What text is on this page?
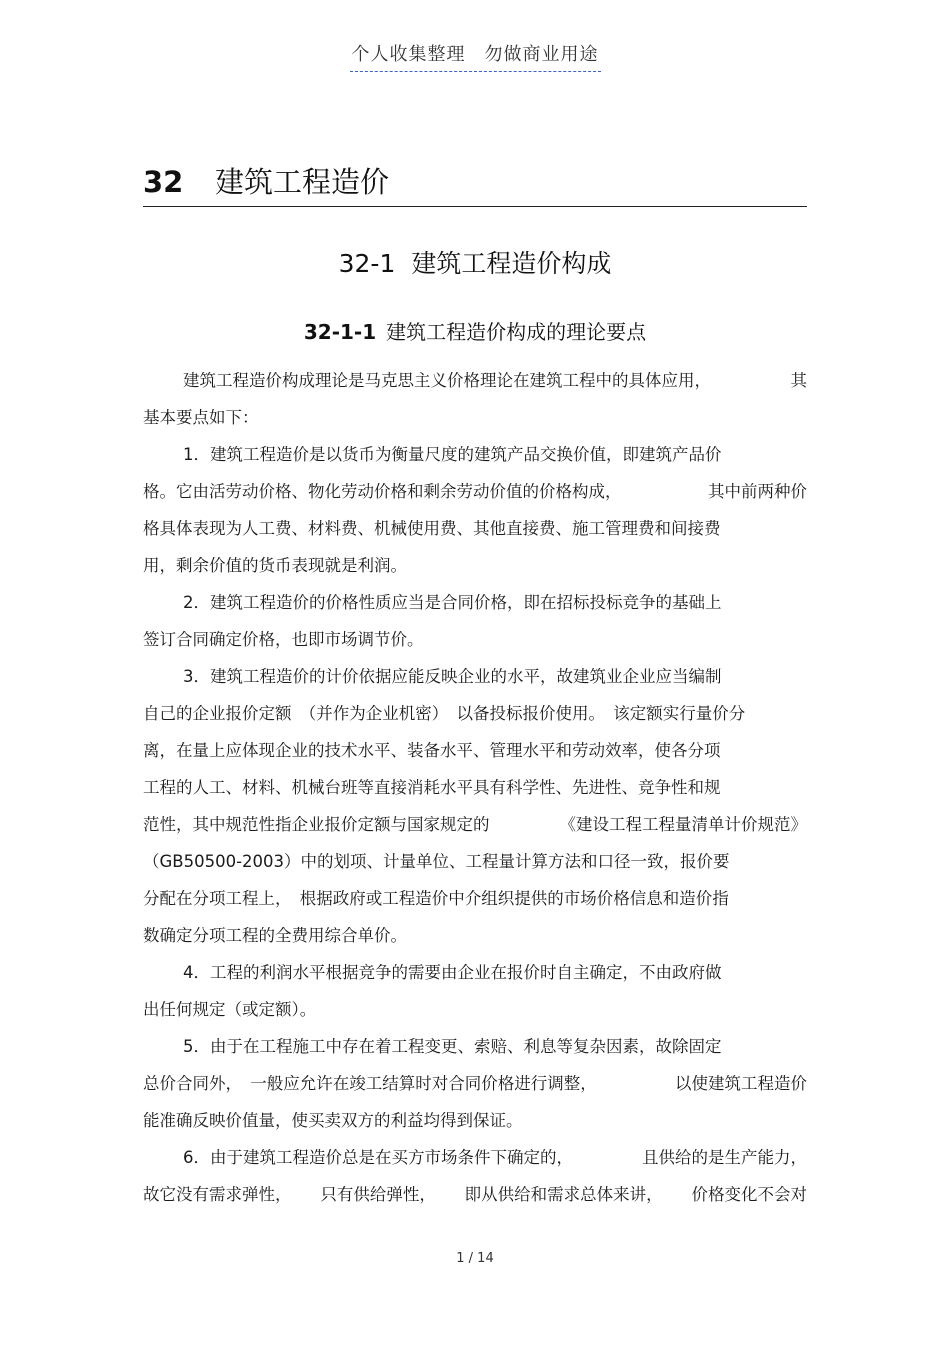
个人收集整理　勿做商业用途
32 建筑工程造价
32-1 建筑工程造价构成
32-1-1 建筑工程造价构成的理论要点
建筑工程造价构成理论是马克思主义价格理论在建筑工程中的具体应用，	其
基本要点如下：
1．建筑工程造价是以货币为衡量尺度的建筑产品交换价值，即建筑产品价
格。它由活劳动价格、物化劳动价格和剩余劳动价值的价格构成，	其中前两种价
格具体表现为人工费、材料费、机械使用费、其他直接费、施工管理费和间接费
用，剩余价值的货币表现就是利润。
2．建筑工程造价的价格性质应当是合同价格，即在招标投标竞争的基础上
签订合同确定价格，也即市场调节价。
3．建筑工程造价的计价依据应能反映企业的水平，故建筑业企业应当编制
自己的企业报价定额　（并作为企业机密）　以备投标报价使用。　该定额实行量价分
离，在量上应体现企业的技术水平、装备水平、管理水平和劳动效率，使各分项
工程的人工、材料、机械台班等直接消耗水平具有科学性、先进性、竞争性和规
范性，其中规范性指企业报价定额与国家规定的	《建设工程工程量清单计价规范》
（GB50500-2003）中的划项、计量单位、工程量计算方法和口径一致，报价要
分配在分项工程上，　根据政府或工程造价中介组织提供的市场价格信息和造价指
数确定分项工程的全费用综合单价。
4．工程的利润水平根据竞争的需要由企业在报价时自主确定，不由政府做
出任何规定（或定额）。
5．由于在工程施工中存在着工程变更、索赔、利息等复杂因素，故除固定
总价合同外，　一般应允许在竣工结算时对合同价格进行调整，	以使建筑工程造价
能准确反映价值量，使买卖双方的利益均得到保证。
6．由于建筑工程造价总是在买方市场条件下确定的，	且供给的是生产能力，
故它没有需求弹性， 只有供给弹性， 即从供给和需求总体来讲， 价格变化不会对
1 / 14
